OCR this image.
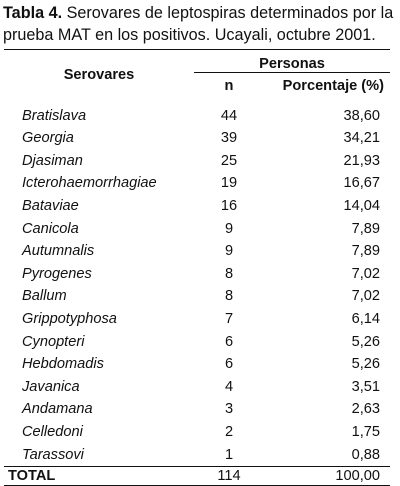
Tabla 4. Serovares de leptospiras determinados por la prueba MAT en los positivos. Ucayali, octubre 2001.

Serovares	Personas	
	n	Porcentaje (%)
Bratislava	44	38,60
Georgia	39	34,21
Djasiman	25	21,93
Icterohaemorrhagiae	19	16,67
Bataviae	16	14,04
Canicola	9	7,89
Autumnalis	9	7,89
Pyrogenes	8	7,02
Ballum	8	7,02
Grippotyphosa	7	6,14
Cynopteri	6	5,26
Hebdomadis	6	5,26
Javanica	4	3,51
Andamana	3	2,63
Celledoni	2	1,75
Tarassovi	1	0,88
TOTAL	114	100,00
